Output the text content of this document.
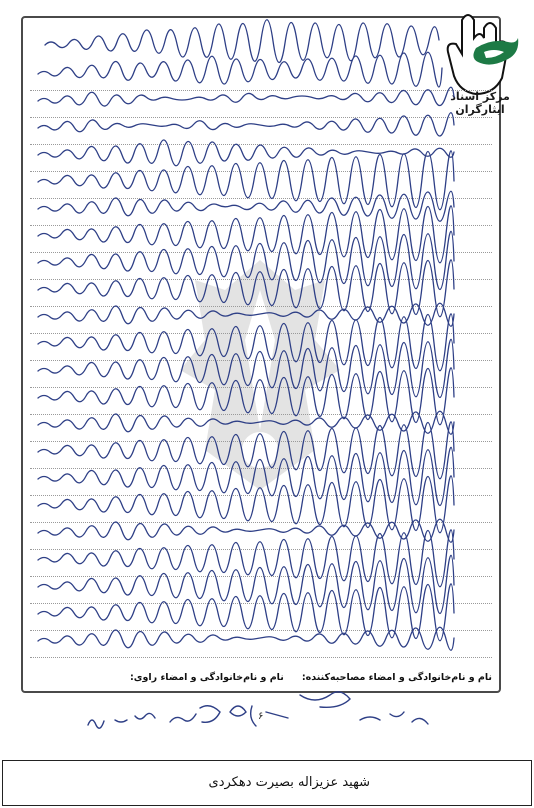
مرکز اسناد ایثارگران
نام و نام‌خانوادگی و امضاء مصاحبه‌کننده:
نام و نام‌خانوادگی و امضاء راوی:
۶
شهید عزیزاله بصیرت دهکردی
